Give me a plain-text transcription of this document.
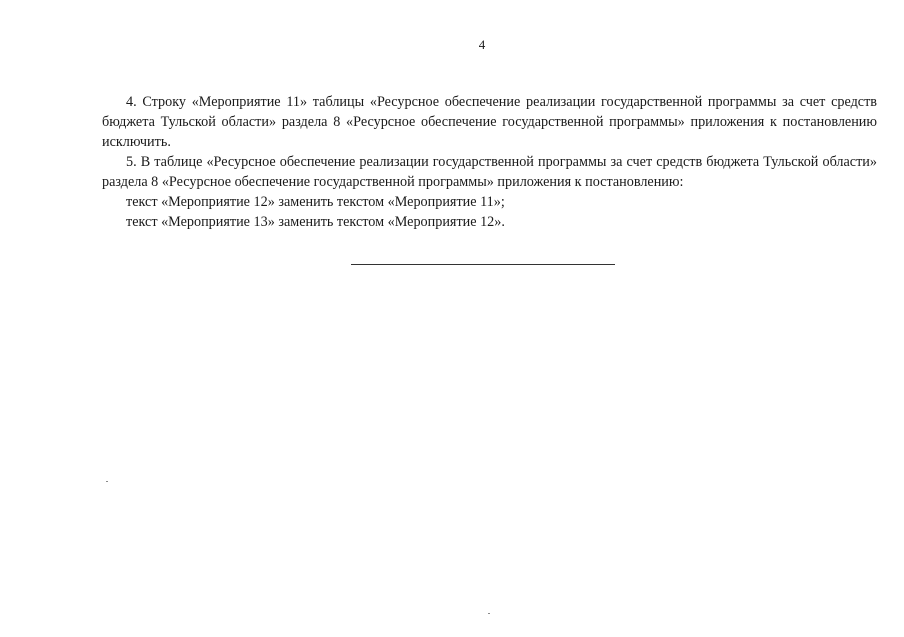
4

4. Строку «Мероприятие 11» таблицы «Ресурсное обеспечение реализации государственной программы за счет средств бюджета Тульской области» раздела 8 «Ресурсное обеспечение государственной программы» приложения к постановлению исключить.

5. В таблице «Ресурсное обеспечение реализации государственной программы за счет средств бюджета Тульской области» раздела 8 «Ресурсное обеспечение государственной программы» приложения к постановлению:

текст «Мероприятие 12» заменить текстом «Мероприятие 11»;

текст «Мероприятие 13» заменить текстом «Мероприятие 12».
